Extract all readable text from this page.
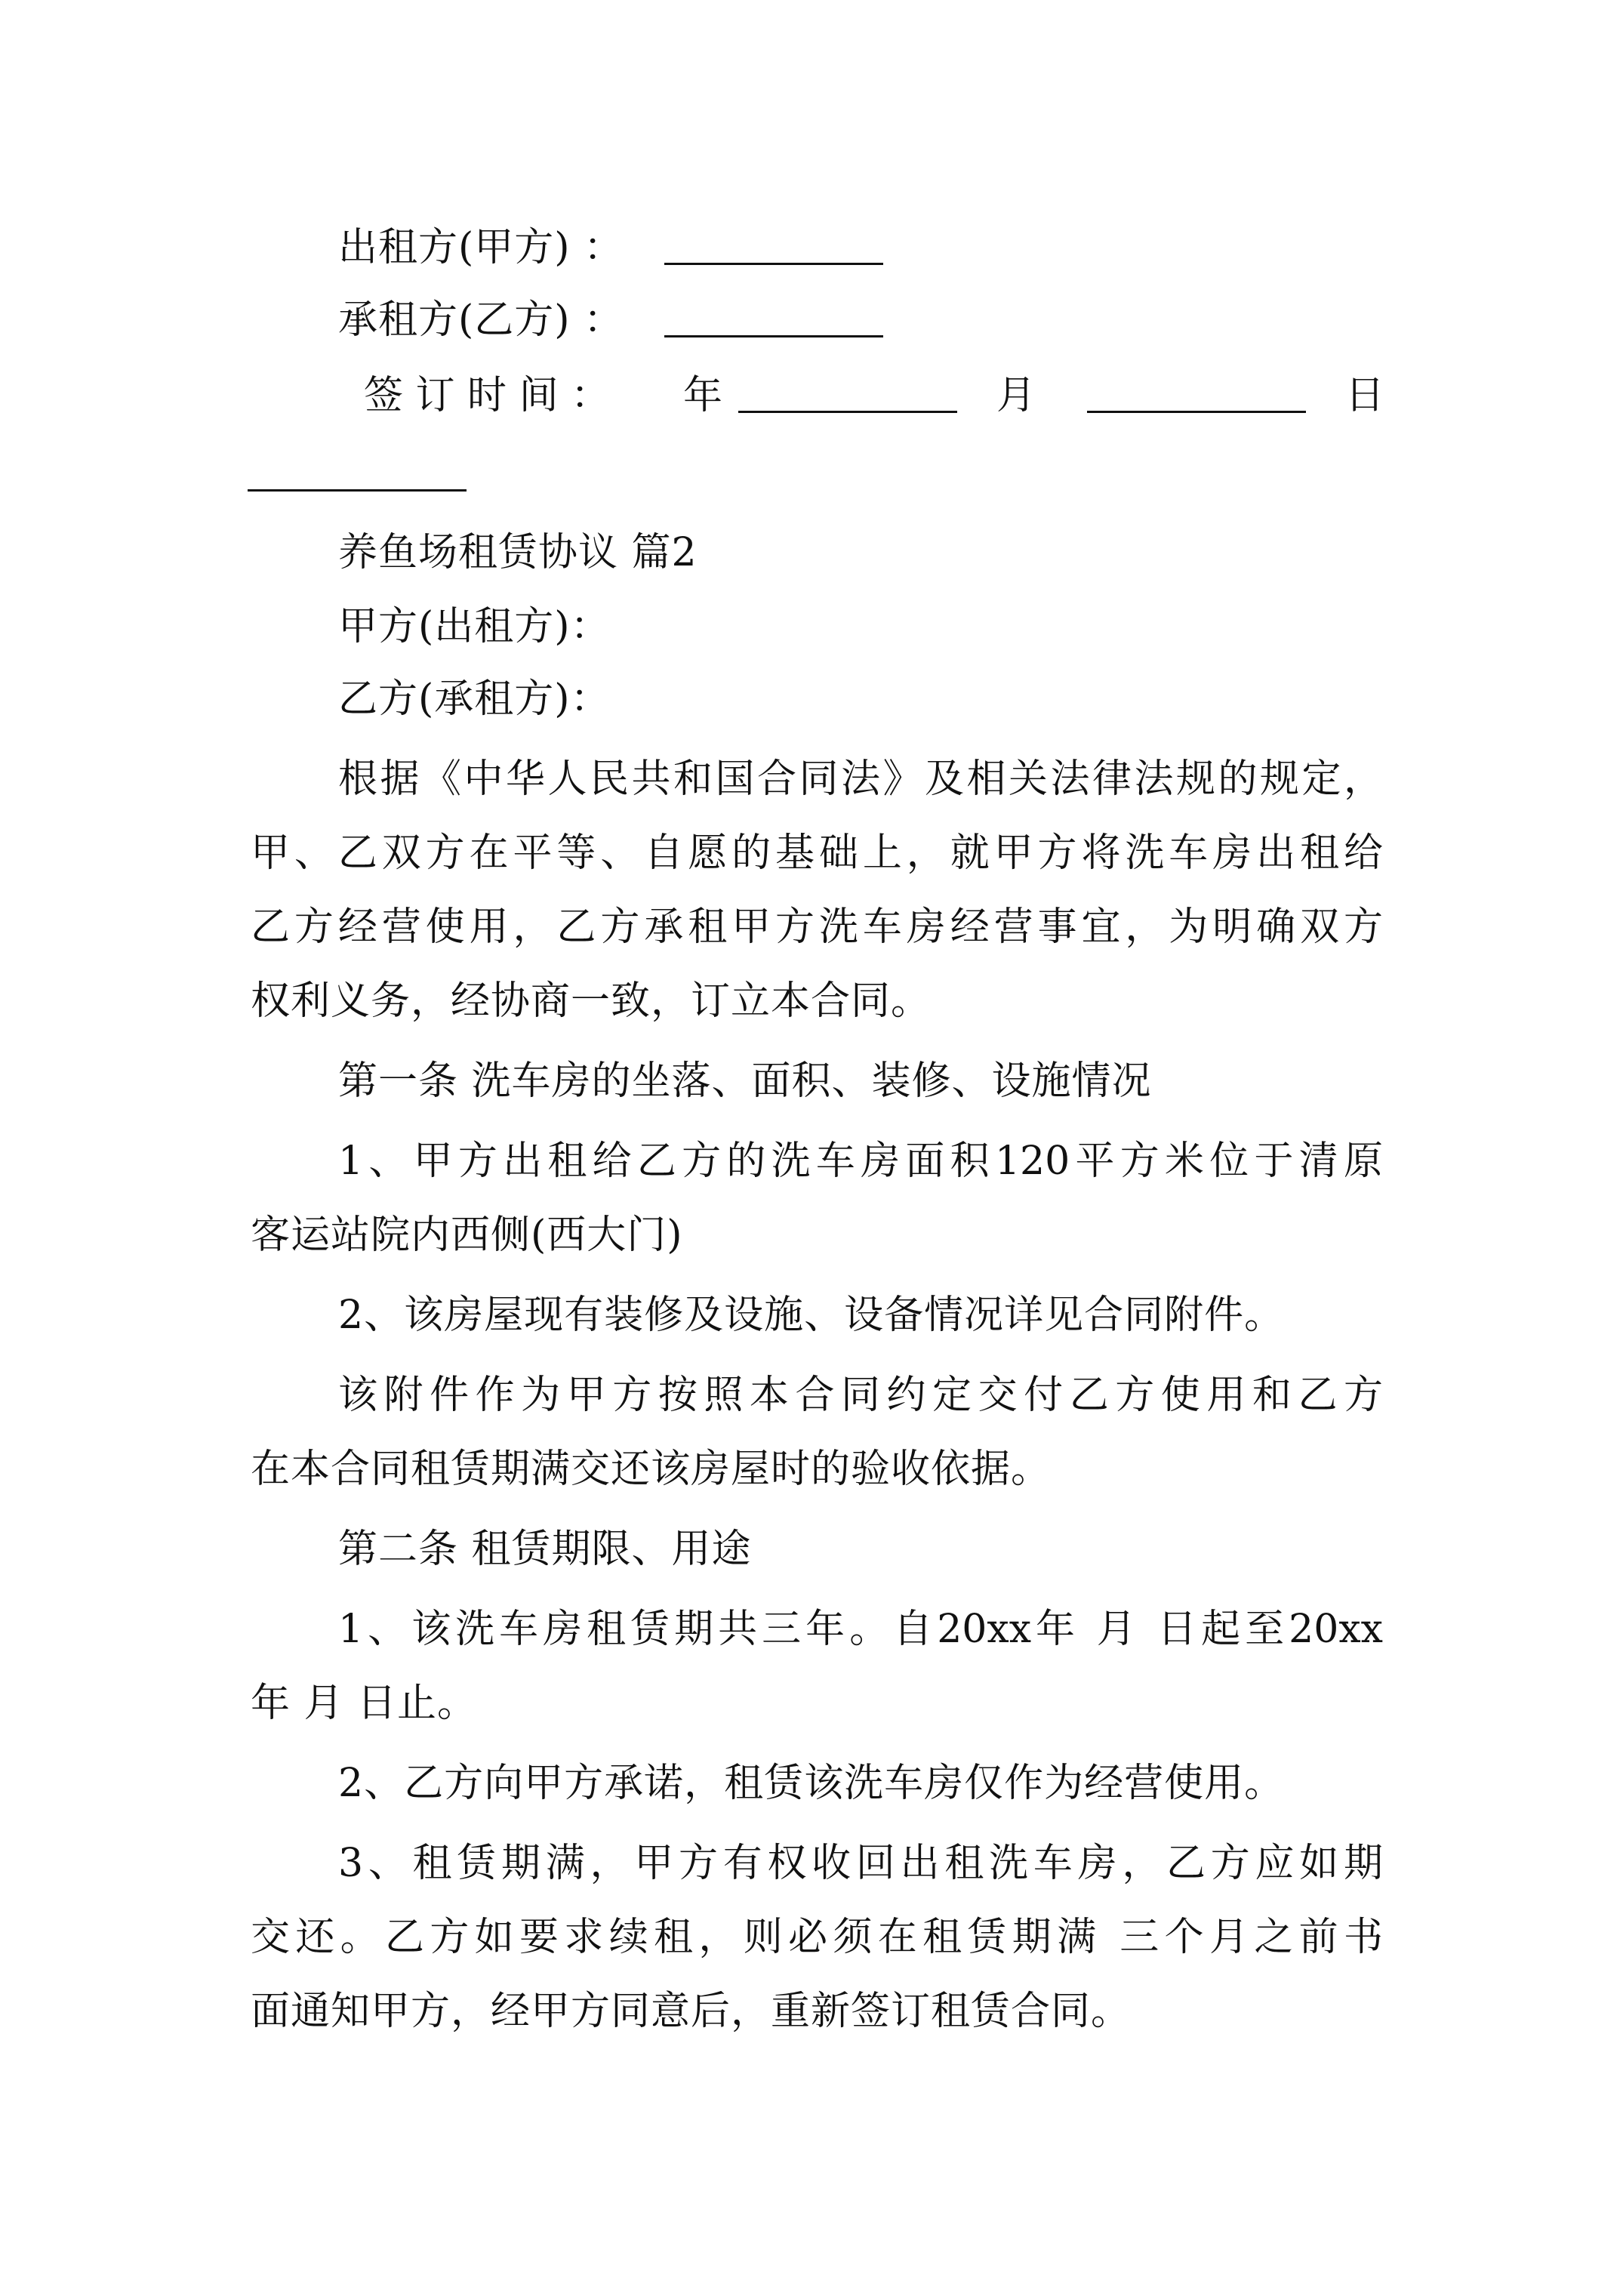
出租方(甲方) ：
承租方(乙方) ：
签 订 时 间 ： 年	月	日
养鱼场租赁协议 篇2
甲方(出租方)：
乙方(承租方)：
根据《中华人民共和国合同法》及相关法律法规的规定，
甲、乙双方在平等、自愿的基础上，就甲方将洗车房出租给
乙方经营使用，乙方承租甲方洗车房经营事宜，为明确双方
权利义务，经协商一致，订立本合同。
第一条 洗车房的坐落、面积、装修、设施情况
1、甲方出租给乙方的洗车房面积120平方米位于清原
客运站院内西侧(西大门)
2、该房屋现有装修及设施、设备情况详见合同附件。
该附件作为甲方按照本合同约定交付乙方使用和乙方
在本合同租赁期满交还该房屋时的验收依据。
第二条 租赁期限、用途
1、该洗车房租赁期共三年。自20xx年 月 日起至20xx
年 月 日止。
2、乙方向甲方承诺，租赁该洗车房仅作为经营使用。
3、租赁期满，甲方有权收回出租洗车房，乙方应如期
交还。乙方如要求续租，则必须在租赁期满 三个月之前书
面通知甲方，经甲方同意后，重新签订租赁合同。
